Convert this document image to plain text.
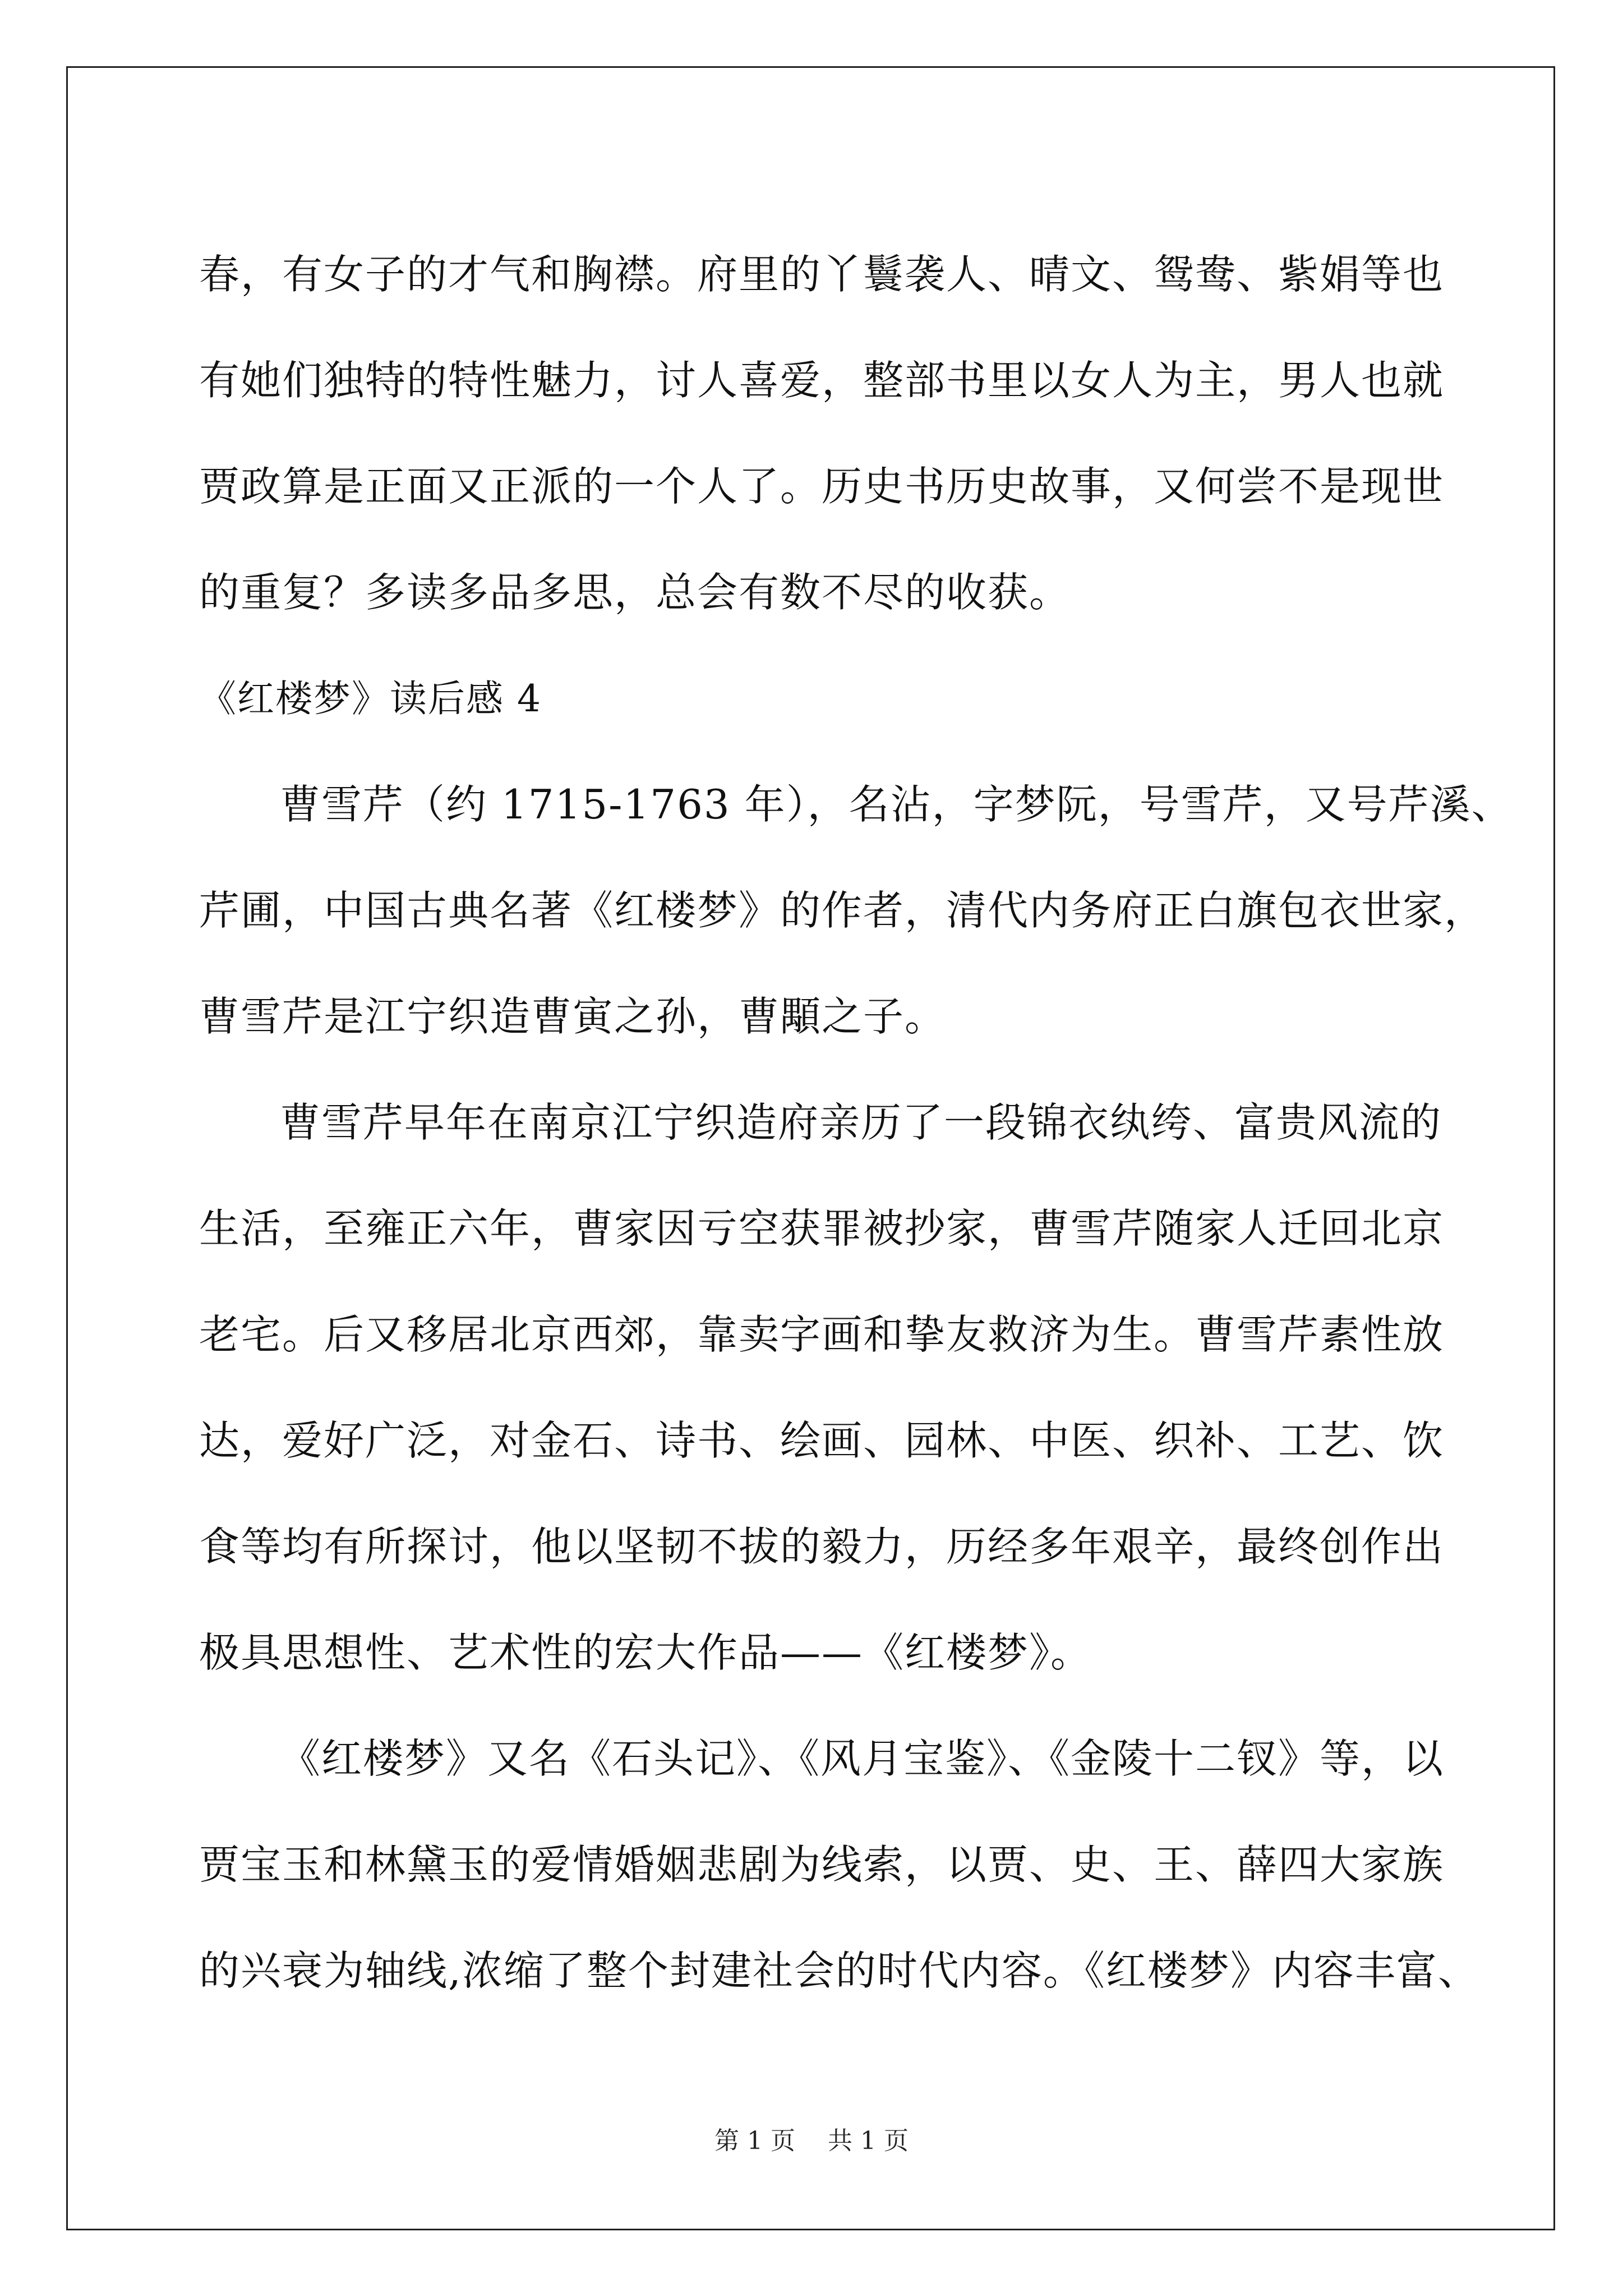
春，有女子的才气和胸襟。府里的丫鬟袭人、晴文、鸳鸯、紫娟等也
有她们独特的特性魅力，讨人喜爱，整部书里以女人为主，男人也就
贾政算是正面又正派的一个人了。历史书历史故事，又何尝不是现世
的重复？多读多品多思，总会有数不尽的收获。

《红楼梦》读后感 4

曹雪芹（约 1715-1763 年），名沾，字梦阮，号雪芹，又号芹溪、
芹圃，中国古典名著《红楼梦》的作者，清代内务府正白旗包衣世家，
曹雪芹是江宁织造曹寅之孙，曹顒之子。

曹雪芹早年在南京江宁织造府亲历了一段锦衣纨绔、富贵风流的
生活，至雍正六年，曹家因亏空获罪被抄家，曹雪芹随家人迁回北京
老宅。后又移居北京西郊，靠卖字画和挚友救济为生。曹雪芹素性放
达，爱好广泛，对金石、诗书、绘画、园林、中医、织补、工艺、饮
食等均有所探讨，他以坚韧不拔的毅力，历经多年艰辛，最终创作出
极具思想性、艺术性的宏大作品——《红楼梦》。

《红楼梦》又名《石头记》、《风月宝鉴》、《金陵十二钗》等，以
贾宝玉和林黛玉的爱情婚姻悲剧为线索，以贾、史、王、薛四大家族
的兴衰为轴线,浓缩了整个封建社会的时代内容。《红楼梦》内容丰富、

第 1 页 共 1 页
